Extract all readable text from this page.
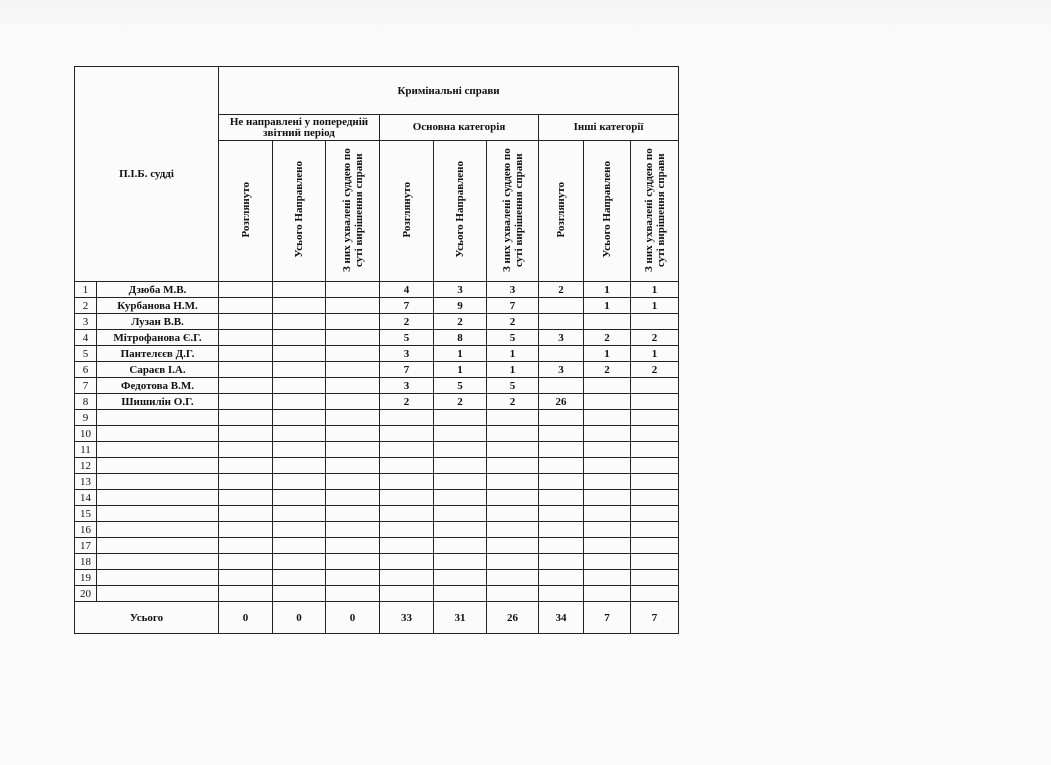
П.І.Б. судді		Кримінальні справи								
		Не направлені у попередній звітний період			Основна категорія			Інші категорії		
		Розглянуто	Усього Направлено	З них ухвалені суддею по суті вирішення справи	Розглянуто	Усього Направлено	З них ухвалені суддею по суті вирішення справи	Розглянуто	Усього Направлено	З них ухвалені суддею по суті вирішення справи
1	Дзюба М.В.				4	3	3	2	1	1
2	Курбанова Н.М.				7	9	7		1	1
3	Лузан В.В.				2	2	2			
4	Мітрофанова Є.Г.				5	8	5	3	2	2
5	Пантелєєв Д.Г.				3	1	1		1	1
6	Сараєв І.А.				7	1	1	3	2	2
7	Федотова В.М.				3	5	5			
8	Шишилін О.Г.				2	2	2	26		
9										
10										
11										
12										
13										
14										
15										
16										
17										
18										
19										
20										
Усього		0	0	0	33	31	26	34	7	7
